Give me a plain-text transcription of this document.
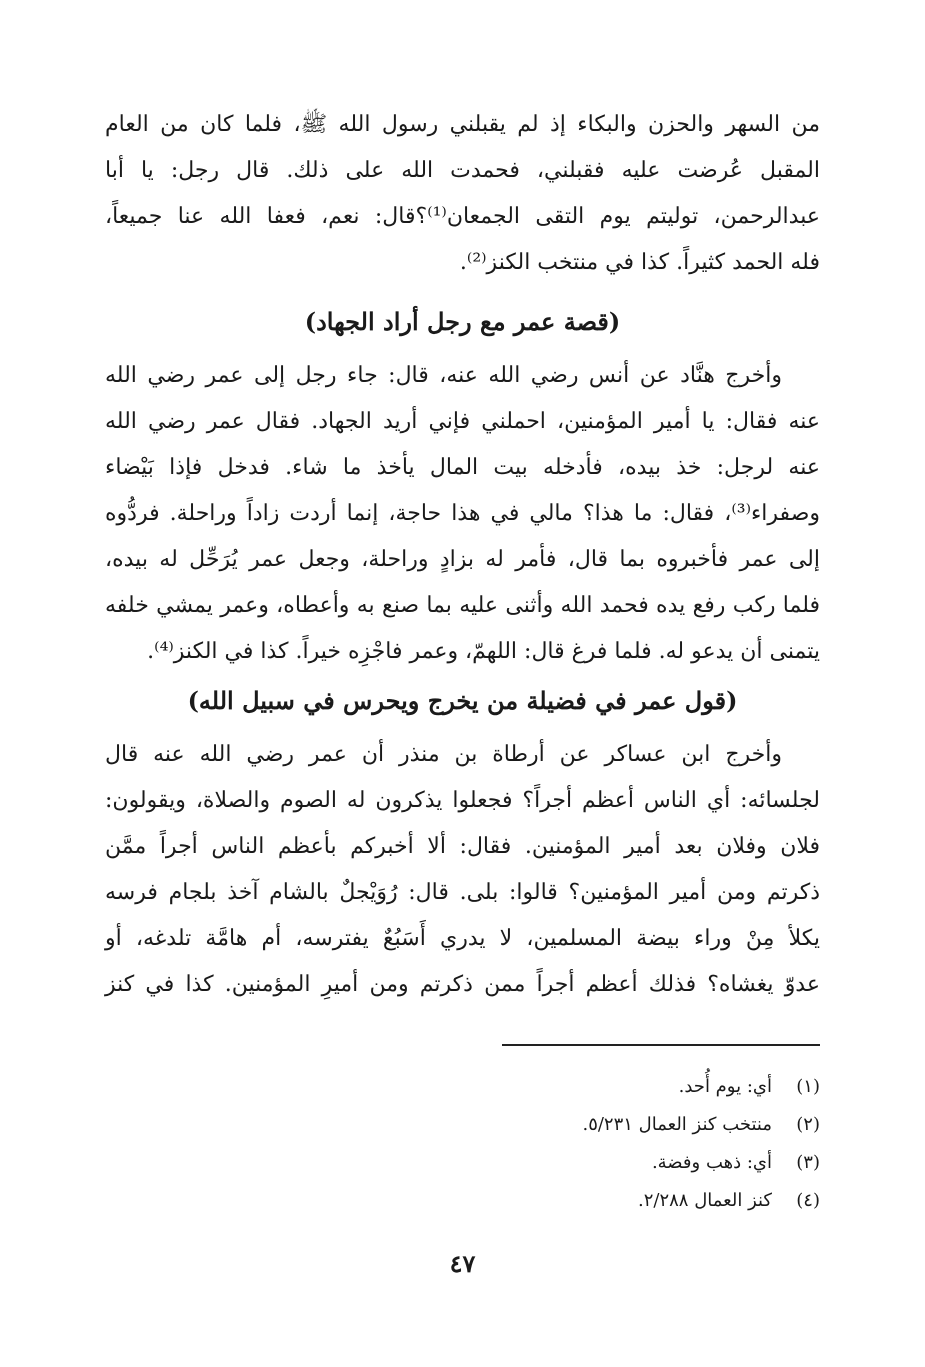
من السهر والحزن والبكاء إذ لم يقبلني رسول الله ﷺ، فلما كان من العام

المقبل عُرضت عليه فقبلني، فحمدت الله على ذلك. قال رجل: يا أبا

عبدالرحمن، توليتم يوم التقى الجمعان⁽¹⁾؟قال: نعم، فعفا الله عنا جميعاً،

فله الحمد كثيراً. كذا في منتخب الكنز⁽²⁾.

(قصة عمر مع رجل أراد الجهاد)

وأخرج هنَّاد عن أنس رضي الله عنه، قال: جاء رجل إلى عمر رضي الله

عنه فقال: يا أمير المؤمنين، احملني فإني أريد الجهاد. فقال عمر رضي الله

عنه لرجل: خذ بيده، فأدخله بيت المال يأخذ ما شاء. فدخل فإذا بَيْضاء

وصفراء⁽³⁾، فقال: ما هذا؟ مالي في هذا حاجة، إنما أردت زاداً وراحلة. فردُّوه

إلى عمر فأخبروه بما قال، فأمر له بزادٍ وراحلة، وجعل عمر يُرَحِّل له بيده،

فلما ركب رفع يده فحمد الله وأثنى عليه بما صنع به وأعطاه، وعمر يمشي خلفه

يتمنى أن يدعو له. فلما فرغ قال: اللهمّ، وعمر فاجْزِه خيراً. كذا في الكنز⁽⁴⁾.

(قول عمر في فضيلة من يخرج ويحرس في سبيل الله)

وأخرج ابن عساكر عن أرطاة بن منذر أن عمر رضي الله عنه قال

لجلسائه: أي الناس أعظم أجراً؟ فجعلوا يذكرون له الصوم والصلاة، ويقولون:

فلان وفلان بعد أمير المؤمنين. فقال: ألا أخبركم بأعظم الناس أجراً ممَّن

ذكرتم ومن أمير المؤمنين؟ قالوا: بلى. قال: رُوَيْجلٌ بالشام آخذ بلجام فرسه

يكلأ مِنْ وراء بيضة المسلمين، لا يدري أَسَبُعٌ يفترسه، أم هامَّة تلدغه، أو

عدوّ يغشاه؟ فذلك أعظم أجراً ممن ذكرتم ومن أميرِ المؤمنين. كذا في كنز

(١)أي: يوم أُحد.

(٢)منتخب كنز العمال ٥/٢٣١.

(٣)أي: ذهب وفضة.

(٤)كنز العمال ٢/٢٨٨.

٤٧
